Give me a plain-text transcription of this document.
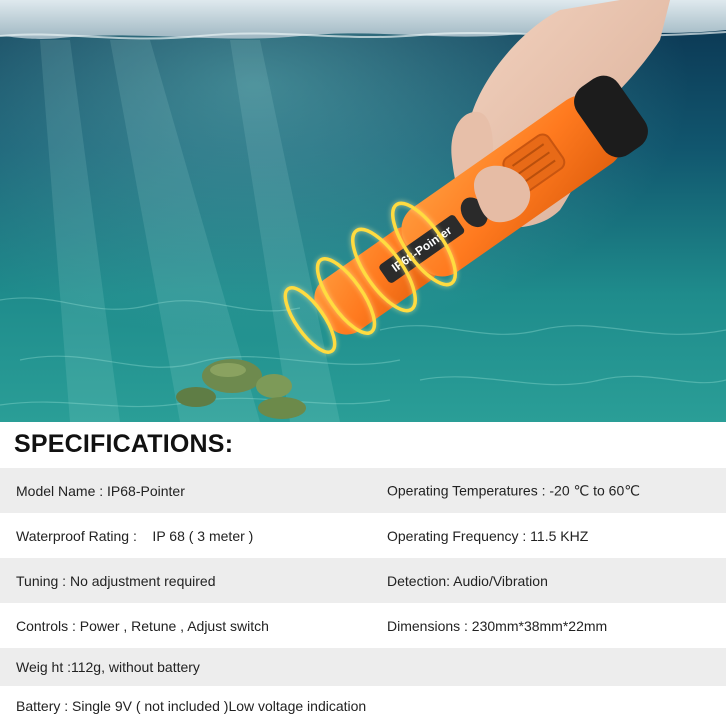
IP68-Pointer
SPECIFICATIONS:
Model Name : IP68-Pointer	Operating Temperatures : -20 ℃ to 60℃
Waterproof Rating :    IP 68 ( 3 meter )	Operating Frequency : 11.5 KHZ
Tuning : No adjustment required	Detection: Audio/Vibration
Controls : Power , Retune , Adjust switch	Dimensions : 230mm*38mm*22mm
Weig ht :112g, without battery
Battery : Single 9V ( not included )Low voltage indication
